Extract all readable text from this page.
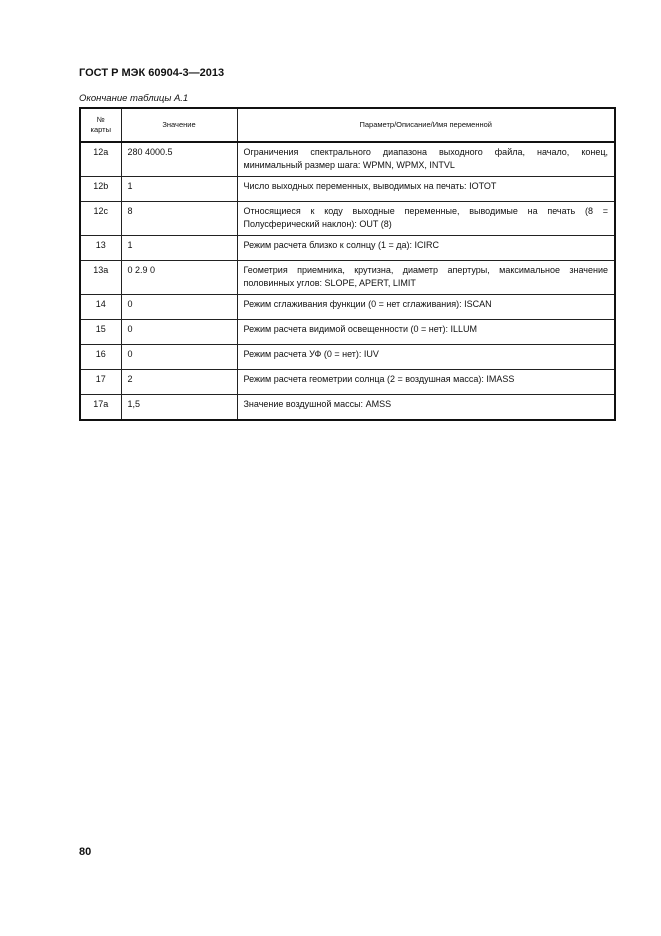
ГОСТ Р МЭК 60904-3—2013
Окончание таблицы А.1
№
карты	Значение	Параметр/Описание/Имя переменной
12а	280 4000.5	Ограничения спектрального диапазона выходного файла, начало, конец, минимальный размер шага: WPMN, WPMX, INTVL
12b	1	Число выходных переменных, выводимых на печать: IOTOT
12с	8	Относящиеся к коду выходные переменные, выводимые на печать (8 = Полусферический наклон): OUT (8)
13	1	Режим расчета близко к солнцу (1 = да): ICIRC
13а	0 2.9 0	Геометрия приемника, крутизна, диаметр апертуры, максимальное значение половинных углов: SLOPE, APERT, LIMIT
14	0	Режим сглаживания функции (0 = нет сглаживания): ISCAN
15	0	Режим расчета видимой освещенности (0 = нет): ILLUM
16	0	Режим расчета УФ (0 = нет): IUV
17	2	Режим расчета геометрии солнца (2 = воздушная масса): IMASS
17а	1,5	Значение воздушной массы: AMSS
80
